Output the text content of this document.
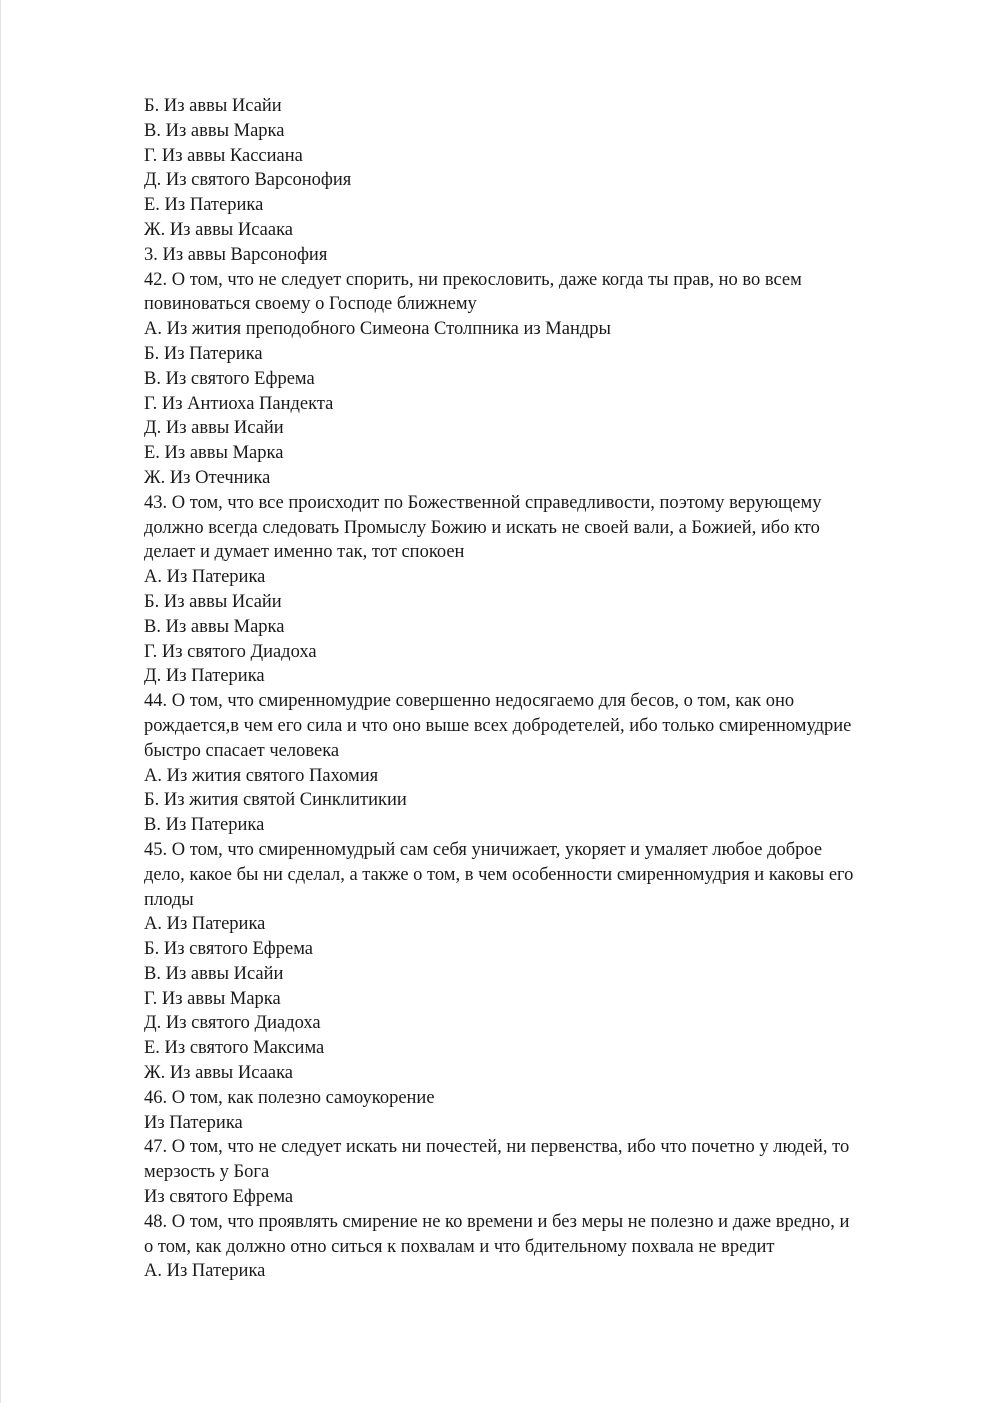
Б. Из аввы Исайи
В. Из аввы Марка
Г. Из аввы Кассиана
Д. Из святого Варсонофия
Е. Из Патерика
Ж. Из аввы Исаака
3. Из аввы Варсонофия
42. О том, что не следует спорить, ни прекословить, даже когда ты прав, но во всем
повиноваться своему о Господе ближнему
А. Из жития преподобного Симеона Столпника из Мандры
Б. Из Патерика
В. Из святого Ефрема
Г. Из Антиоха Пандекта
Д. Из аввы Исайи
Е. Из аввы Марка
Ж. Из Отечника
43. О том, что все происходит по Божественной справедливости, поэтому верующему
должно всегда следовать Промыслу Божию и искать не своей вали, а Божией, ибо кто
делает и думает именно так, тот спокоен
А. Из Патерика
Б. Из аввы Исайи
В. Из аввы Марка
Г. Из святого Диадоха
Д. Из Патерика
44. О том, что смиренномудрие совершенно недосягаемо для бесов, о том, как оно
рождается,в чем его сила и что оно выше всех добродетелей, ибо только смиренномудрие
быстро спасает человека
А. Из жития святого Пахомия
Б. Из жития святой Синклитикии
В. Из Патерика
45. О том, что смиренномудрый сам себя уничижает, укоряет и умаляет любое доброе
дело, какое бы ни сделал, а также о том, в чем особенности смиренномудрия и каковы его
плоды
А. Из Патерика
Б. Из святого Ефрема
В. Из аввы Исайи
Г. Из аввы Марка
Д. Из святого Диадоха
Е. Из святого Максима
Ж. Из аввы Исаака
46. О том, как полезно самоукорение
Из Патерика
47. О том, что не следует искать ни почестей, ни первенства, ибо что почетно у людей, то
мерзость у Бога
Из святого Ефрема
48. О том, что проявлять смирение не ко времени и без меры не полезно и даже вредно, и
о том, как должно отно ситься к похвалам и что бдительному похвала не вредит
А. Из Патерика
